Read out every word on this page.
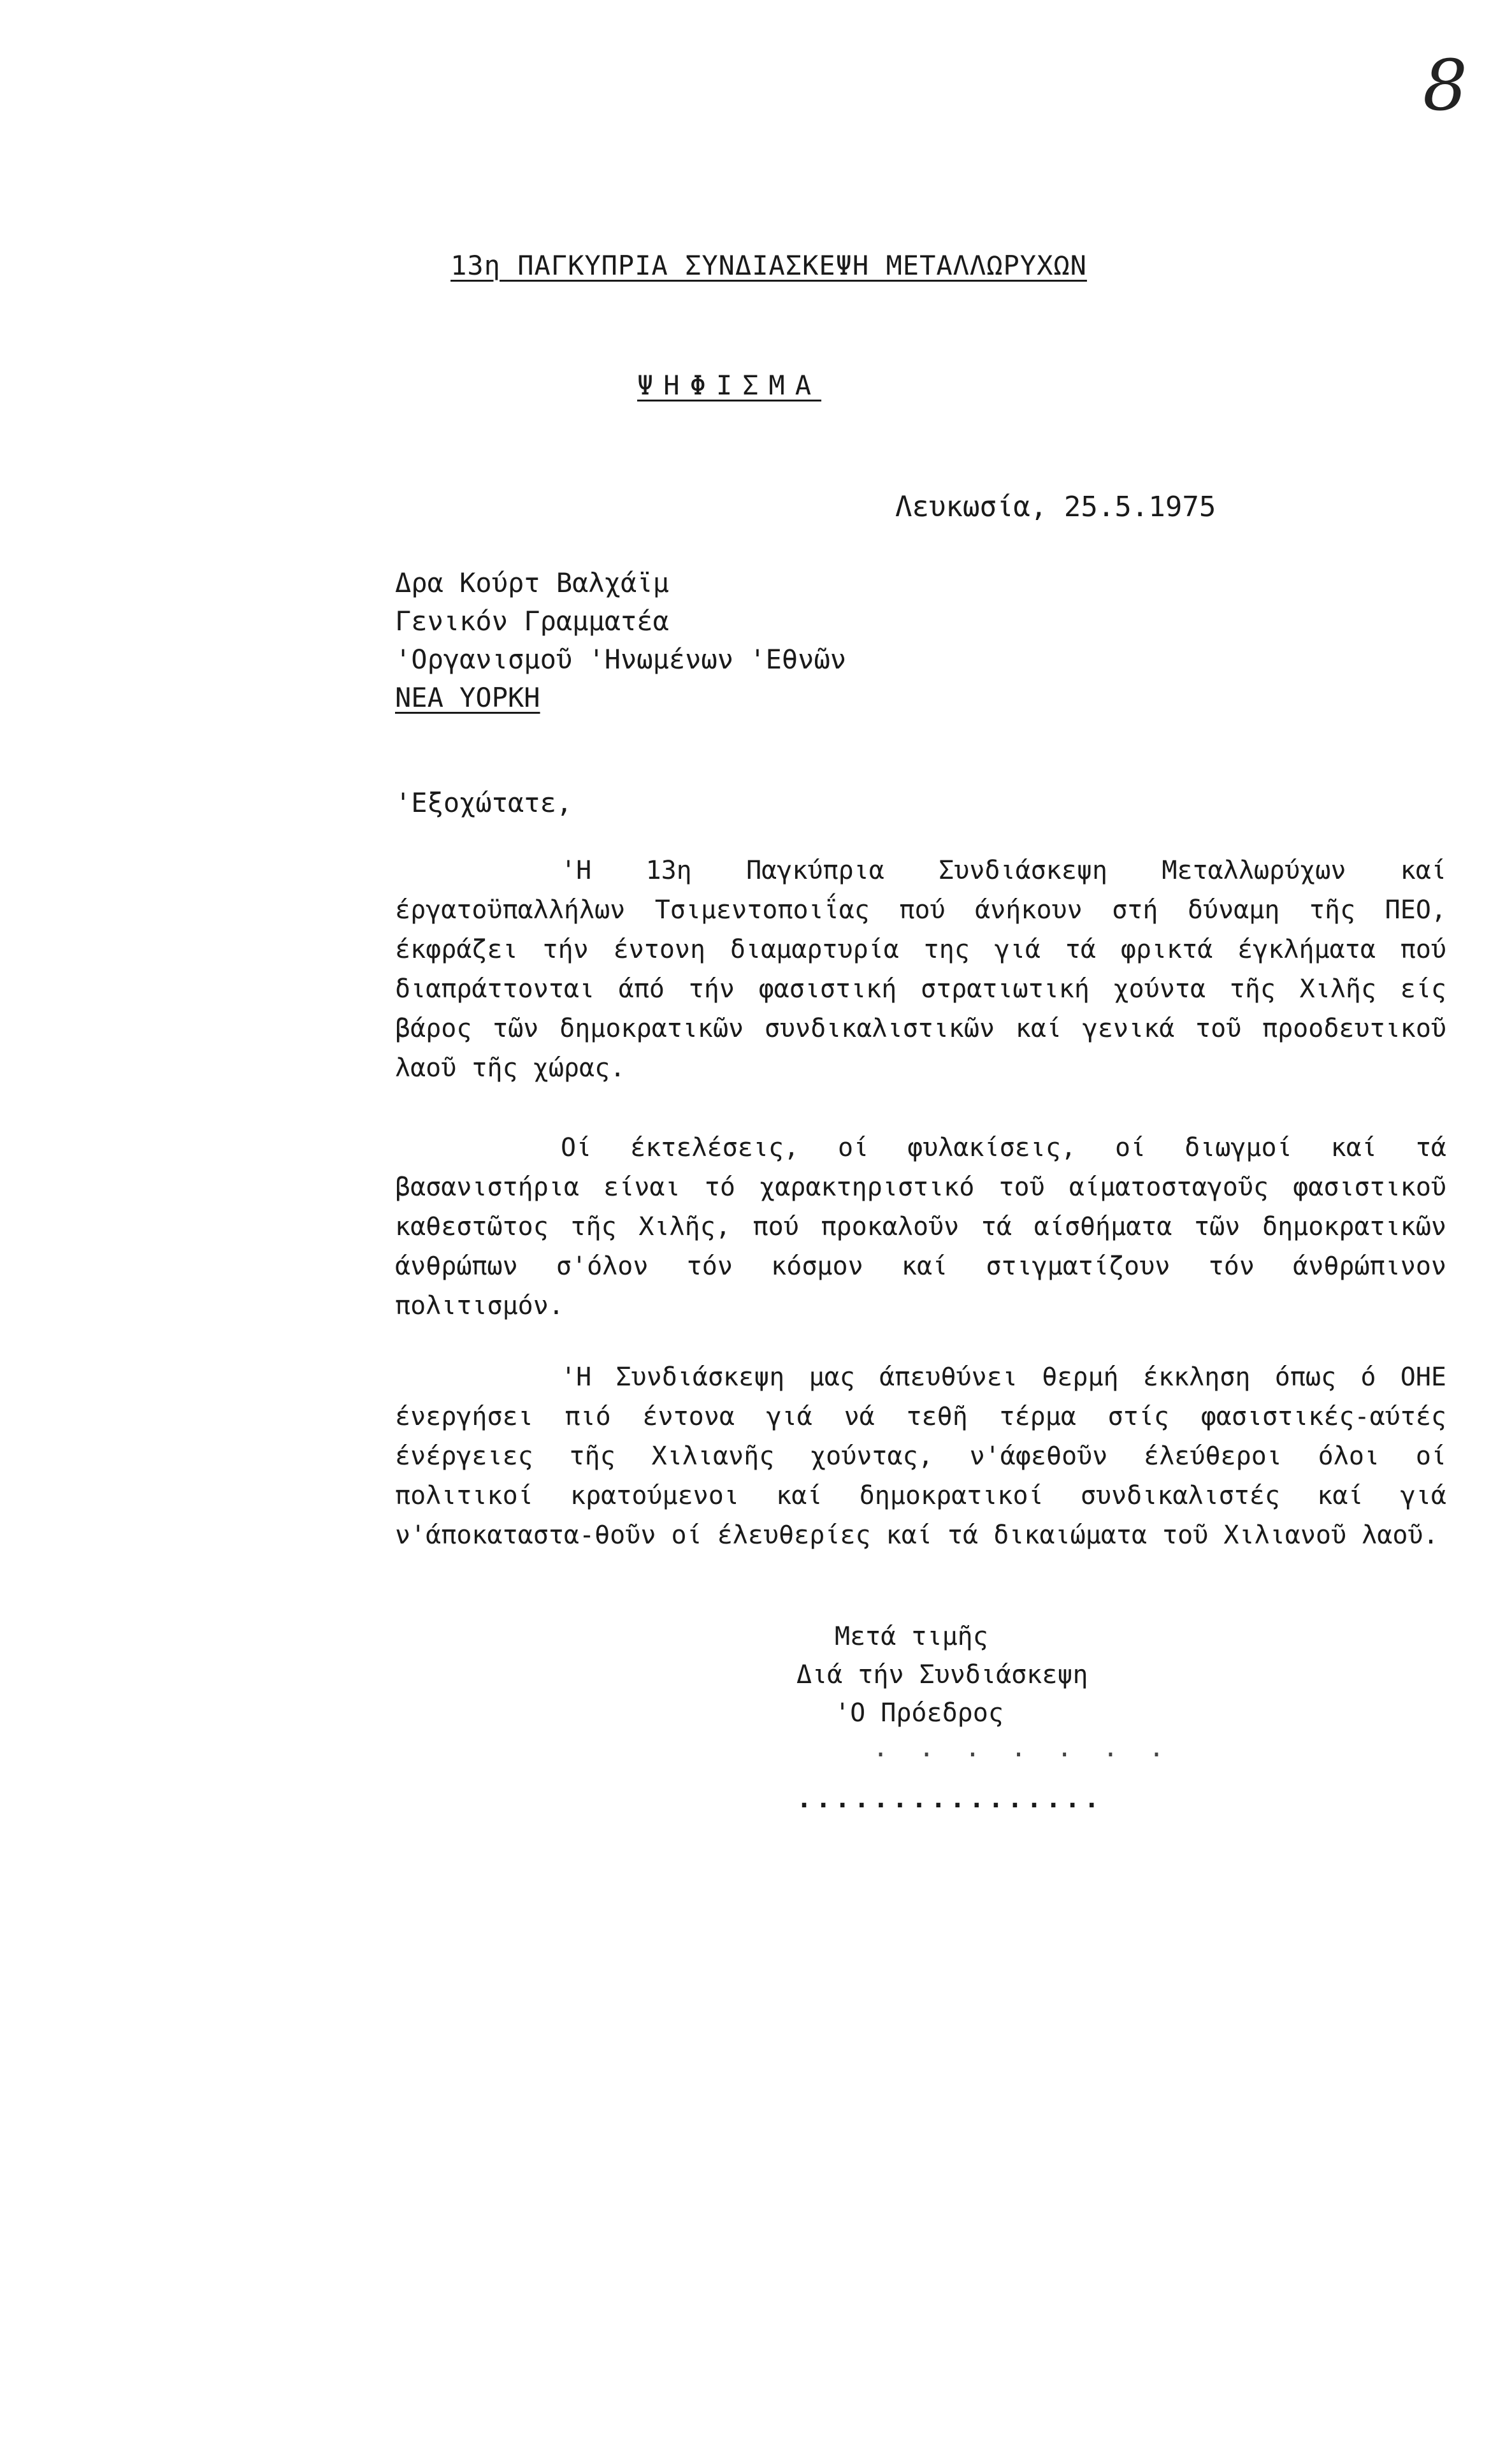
8
13η ΠΑΓΚΥΠΡΙΑ ΣΥΝΔΙΑΣΚΕΨΗ ΜΕΤΑΛΛΩΡΥΧΩΝ
ΨΗΦΙΣΜΑ
Λευκωσία, 25.5.1975
Δρα Κούρτ Βαλχάϊμ
Γενικόν Γραμματέα
'Οργανισμοῦ 'Ηνωμένων 'Εθνῶν
ΝΕΑ ΥΟΡΚΗ
'Εξοχώτατε,
'Η 13η Παγκύπρια Συνδιάσκεψη Μεταλλωρύχων καί έργατοϋπαλλήλων Τσιμεντοποιΐας πού άνήκουν στή δύναμη τῆς ΠΕΟ, έκφράζει τήν έντονη διαμαρτυρία της γιά τά φρικτά έγκλήματα πού διαπράττονται άπό τήν φασιστική στρατιωτική χούντα τῆς Χιλῆς είς βάρος τῶν δημοκρατικῶν συνδικαλιστικῶν καί γενικά τοῦ προοδευτικοῦ λαοῦ τῆς χώρας.
Οί έκτελέσεις, οί φυλακίσεις, οί διωγμοί καί τά βασανιστήρια είναι τό χαρακτηριστικό τοῦ αίματοσταγοῦς φασιστικοῦ καθεστῶτος τῆς Χιλῆς, πού προκαλοῦν τά αίσθήματα τῶν δημοκρατικῶν άνθρώπων σ'όλον τόν κόσμον καί στιγματίζουν τόν άνθρώπινον πολιτισμόν.
'Η Συνδιάσκεψη μας άπευθύνει θερμή έκκληση όπως ό ΟΗΕ ένεργήσει πιό έντονα γιά νά τεθῆ τέρμα στίς φασιστικές-αύτές ένέργειες τῆς Χιλιανῆς χούντας, ν'άφεθοῦν έλεύθεροι όλοι οί πολιτικοί κρατούμενοι καί δημοκρατικοί συνδικαλιστές καί γιά ν'άποκαταστα-θοῦν οί έλευθερίες καί τά δικαιώματα τοῦ Χιλιανοῦ λαοῦ.
Μετά τιμῆς
Διά τήν Συνδιάσκεψη
'Ο Πρόεδρος
. . . . . . .
................
